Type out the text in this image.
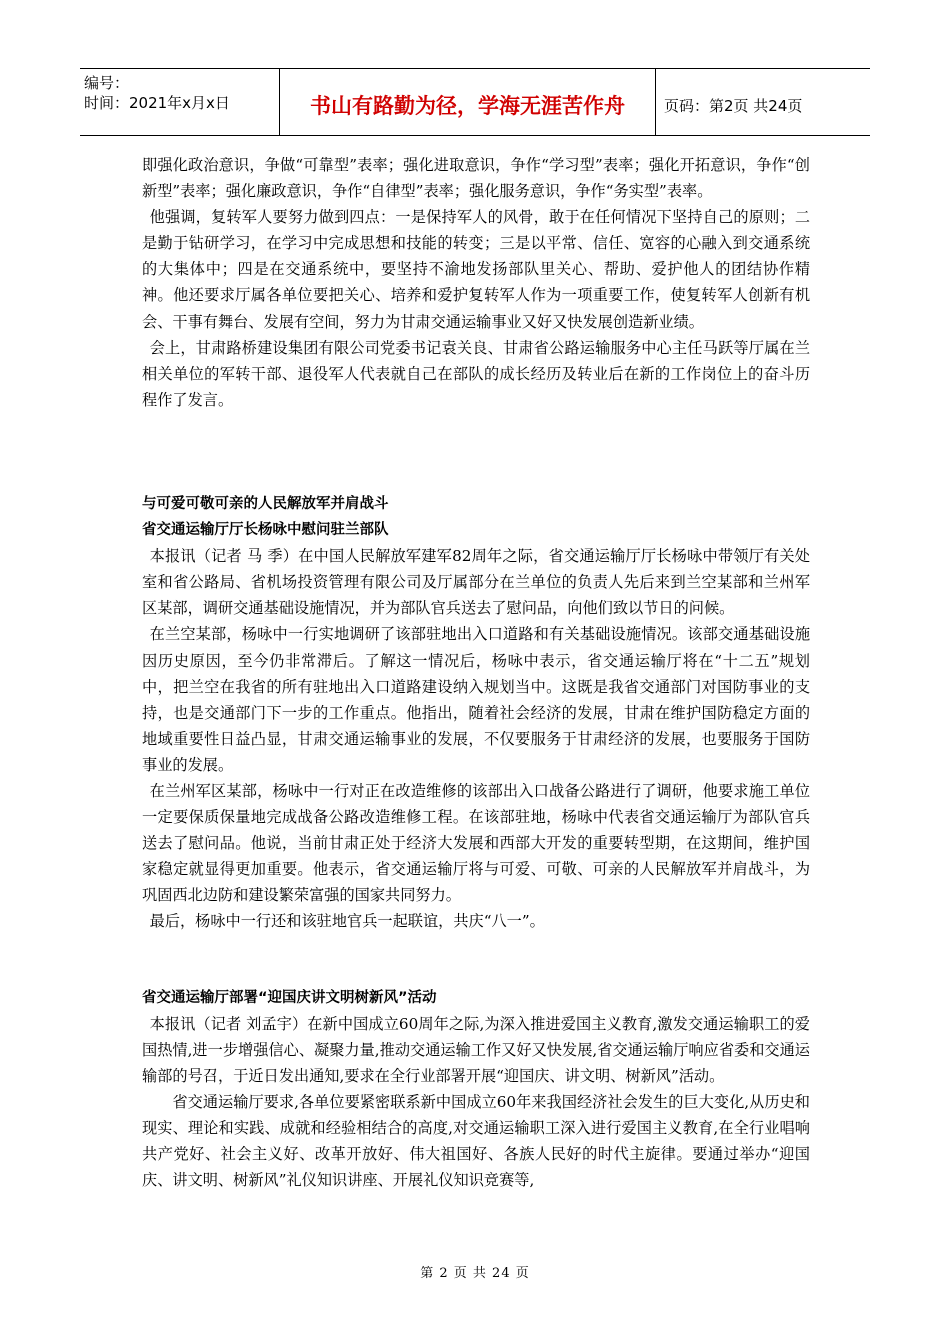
编号：
时间：2021年x月x日	书山有路勤为径，学海无涯苦作舟	页码：第2页 共24页

即强化政治意识，争做“可靠型”表率；强化进取意识，争作“学习型”表率；强化开拓意识，争作“创新型”表率；强化廉政意识，争作“自律型”表率；强化服务意识，争作“务实型”表率。

他强调，复转军人要努力做到四点：一是保持军人的风骨，敢于在任何情况下坚持自己的原则；二是勤于钻研学习，在学习中完成思想和技能的转变；三是以平常、信任、宽容的心融入到交通系统的大集体中；四是在交通系统中，要坚持不渝地发扬部队里关心、帮助、爱护他人的团结协作精神。他还要求厅属各单位要把关心、培养和爱护复转军人作为一项重要工作，使复转军人创新有机会、干事有舞台、发展有空间，努力为甘肃交通运输事业又好又快发展创造新业绩。

会上，甘肃路桥建设集团有限公司党委书记袁关良、甘肃省公路运输服务中心主任马跃等厅属在兰相关单位的军转干部、退役军人代表就自己在部队的成长经历及转业后在新的工作岗位上的奋斗历程作了发言。

与可爱可敬可亲的人民解放军并肩战斗

省交通运输厅厅长杨咏中慰问驻兰部队

本报讯（记者 马 季）在中国人民解放军建军82周年之际，省交通运输厅厅长杨咏中带领厅有关处室和省公路局、省机场投资管理有限公司及厅属部分在兰单位的负责人先后来到兰空某部和兰州军区某部，调研交通基础设施情况，并为部队官兵送去了慰问品，向他们致以节日的问候。

在兰空某部，杨咏中一行实地调研了该部驻地出入口道路和有关基础设施情况。该部交通基础设施因历史原因，至今仍非常滞后。了解这一情况后，杨咏中表示，省交通运输厅将在“十二五”规划中，把兰空在我省的所有驻地出入口道路建设纳入规划当中。这既是我省交通部门对国防事业的支持，也是交通部门下一步的工作重点。他指出，随着社会经济的发展，甘肃在维护国防稳定方面的地域重要性日益凸显，甘肃交通运输事业的发展，不仅要服务于甘肃经济的发展，也要服务于国防事业的发展。

在兰州军区某部，杨咏中一行对正在改造维修的该部出入口战备公路进行了调研，他要求施工单位一定要保质保量地完成战备公路改造维修工程。在该部驻地，杨咏中代表省交通运输厅为部队官兵送去了慰问品。他说，当前甘肃正处于经济大发展和西部大开发的重要转型期，在这期间，维护国家稳定就显得更加重要。他表示，省交通运输厅将与可爱、可敬、可亲的人民解放军并肩战斗，为巩固西北边防和建设繁荣富强的国家共同努力。

最后，杨咏中一行还和该驻地官兵一起联谊，共庆“八一”。

省交通运输厅部署“迎国庆讲文明树新风”活动

本报讯（记者 刘孟宇）在新中国成立60周年之际,为深入推进爱国主义教育,激发交通运输职工的爱国热情,进一步增强信心、凝聚力量,推动交通运输工作又好又快发展,省交通运输厅响应省委和交通运输部的号召，于近日发出通知,要求在全行业部署开展“迎国庆、讲文明、树新风”活动。

省交通运输厅要求,各单位要紧密联系新中国成立60年来我国经济社会发生的巨大变化,从历史和现实、理论和实践、成就和经验相结合的高度,对交通运输职工深入进行爱国主义教育,在全行业唱响共产党好、社会主义好、改革开放好、伟大祖国好、各族人民好的时代主旋律。要通过举办“迎国庆、讲文明、树新风”礼仪知识讲座、开展礼仪知识竞赛等,

第 2 页 共 24 页
